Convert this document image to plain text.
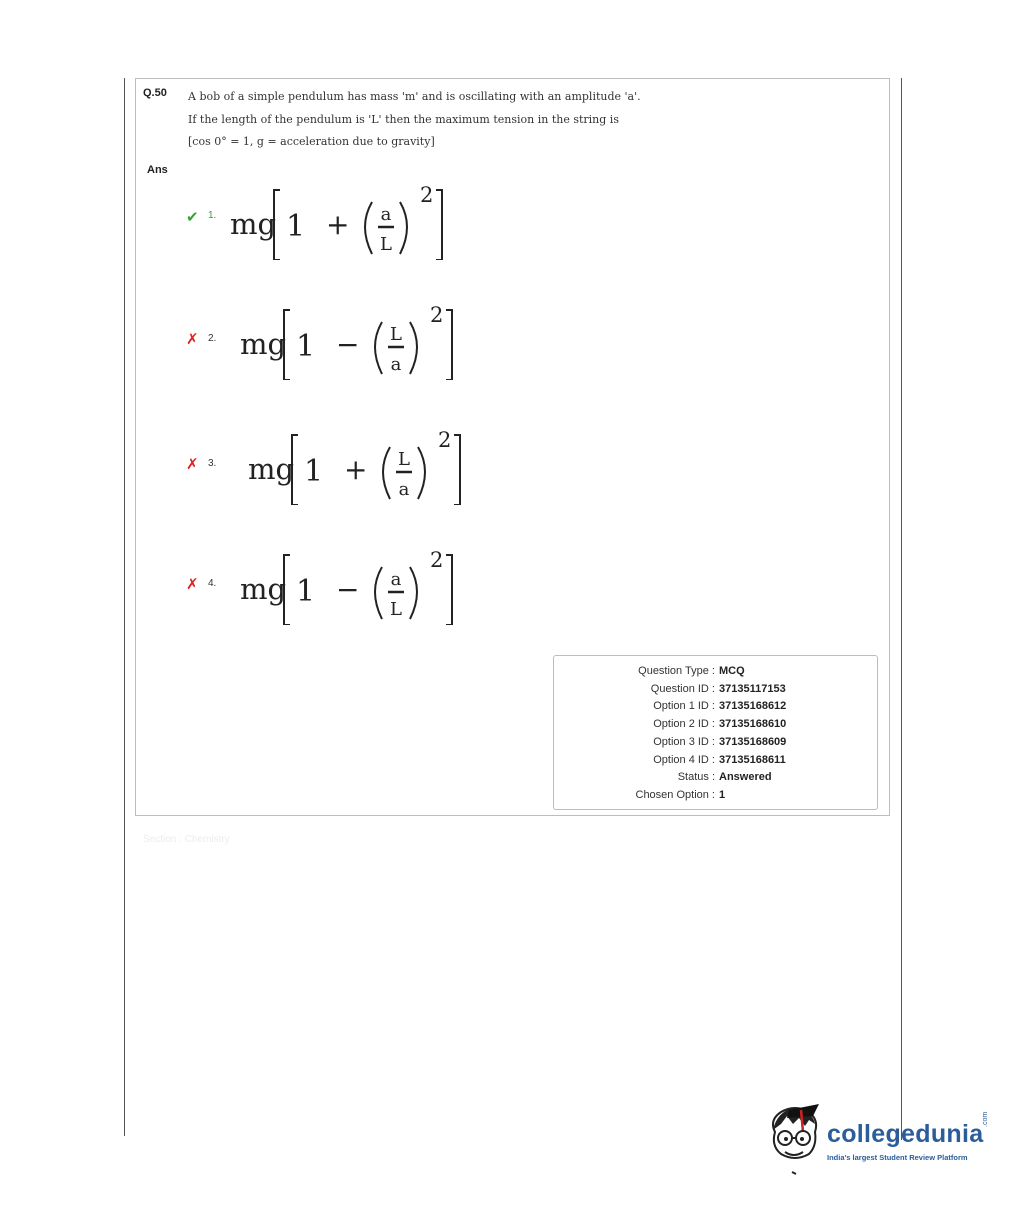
Q.50 A bob of a simple pendulum has mass 'm' and is oscillating with an amplitude 'a'.
If the length of the pendulum is 'L' then the maximum tension in the string is
[cos 0° = 1, g = acceleration due to gravity]
Ans
✔ 1. mg 1 + a
L
2
✗ 2. mg 1 − L
a
2
✗ 3. mg 1 + L
a
2
✗ 4. mg 1 − a
L
2
Question Type : MCQ
Question ID : 37135117153
Option 1 ID : 37135168612
Option 2 ID : 37135168610
Option 3 ID : 37135168609
Option 4 ID : 37135168611
Status : Answered
Chosen Option : 1
Section : Chemistry
collegedunia
.com
India's largest Student Review Platform
